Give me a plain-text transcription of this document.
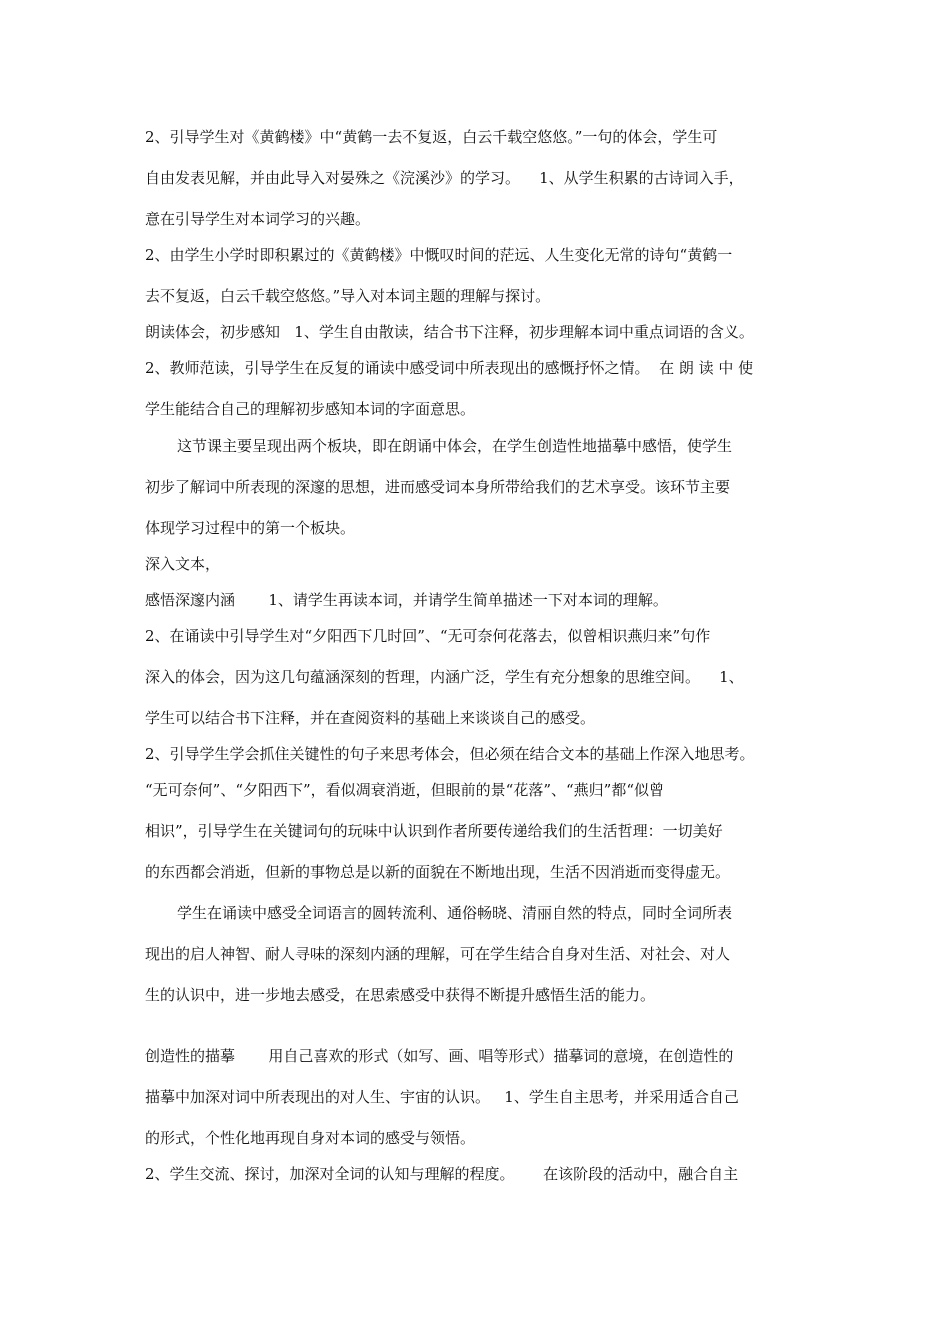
2、引导学生对《黄鹤楼》中“黄鹤一去不复返，白云千载空悠悠。”一句的体会，学生可

自由发表见解，并由此导入对晏殊之《浣溪沙》的学习。    1、从学生积累的古诗词入手，

意在引导学生对本词学习的兴趣。

2、由学生小学时即积累过的《黄鹤楼》中慨叹时间的茫远、人生变化无常的诗句“黄鹤一

去不复返，白云千载空悠悠。”导入对本词主题的理解与探讨。

朗读体会，初步感知   1、学生自由散读，结合书下注释，初步理解本词中重点词语的含义。

2、教师范读，引导学生在反复的诵读中感受词中所表现出的感慨抒怀之情。  在 朗 读 中 使

学生能结合自己的理解初步感知本词的字面意思。

这节课主要呈现出两个板块，即在朗诵中体会，在学生创造性地描摹中感悟，使学生

初步了解词中所表现的深邃的思想，进而感受词本身所带给我们的艺术享受。该环节主要

体现学习过程中的第一个板块。

深入文本，

感悟深邃内涵       1、请学生再读本词，并请学生简单描述一下对本词的理解。

2、在诵读中引导学生对“夕阳西下几时回”、“无可奈何花落去，似曾相识燕归来”句作

深入的体会，因为这几句蕴涵深刻的哲理，内涵广泛，学生有充分想象的思维空间。    1、

学生可以结合书下注释，并在查阅资料的基础上来谈谈自己的感受。

2、引导学生学会抓住关键性的句子来思考体会，但必须在结合文本的基础上作深入地思考。

“无可奈何”、“夕阳西下”，看似凋衰消逝，但眼前的景“花落”、“燕归”都“似曾

相识”，引导学生在关键词句的玩味中认识到作者所要传递给我们的生活哲理：一切美好

的东西都会消逝，但新的事物总是以新的面貌在不断地出现，生活不因消逝而变得虚无。

学生在诵读中感受全词语言的圆转流利、通俗畅晓、清丽自然的特点，同时全词所表

现出的启人神智、耐人寻味的深刻内涵的理解，可在学生结合自身对生活、对社会、对人

生的认识中，进一步地去感受，在思索感受中获得不断提升感悟生活的能力。

创造性的描摹       用自己喜欢的形式（如写、画、唱等形式）描摹词的意境，在创造性的

描摹中加深对词中所表现出的对人生、宇宙的认识。   1、学生自主思考，并采用适合自己

的形式，个性化地再现自身对本词的感受与领悟。

2、学生交流、探讨，加深对全词的认知与理解的程度。      在该阶段的活动中，融合自主
